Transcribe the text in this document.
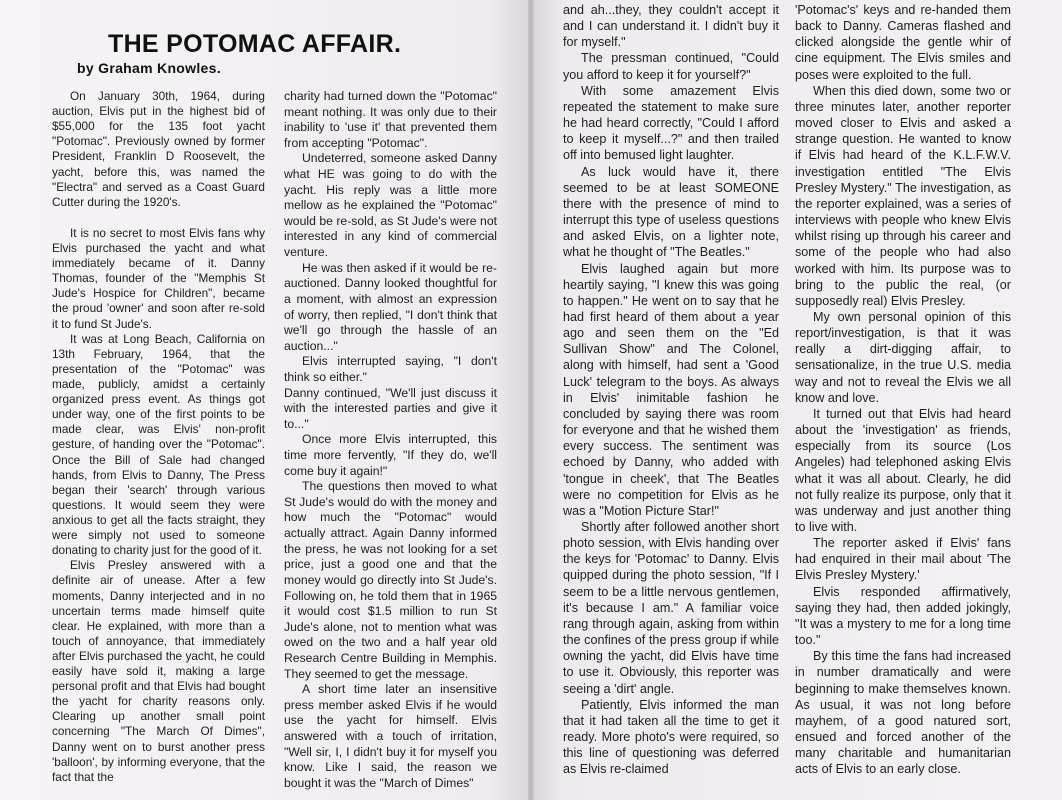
THE POTOMAC AFFAIR.
by Graham Knowles.

On January 30th, 1964, during auction, Elvis put in the highest bid of $55,000 for the 135 foot yacht "Potomac". Previously owned by former President, Franklin D Roosevelt, the yacht, before this, was named the "Electra" and served as a Coast Guard Cutter during the 1920's.

It is no secret to most Elvis fans why Elvis purchased the yacht and what immediately became of it. Danny Thomas, founder of the "Memphis St Jude's Hospice for Children", became the proud 'owner' and soon after re-sold it to fund St Jude's.

It was at Long Beach, California on 13th February, 1964, that the presentation of the "Potomac" was made, publicly, amidst a certainly organized press event. As things got under way, one of the first points to be made clear, was Elvis' non-profit gesture, of handing over the "Potomac". Once the Bill of Sale had changed hands, from Elvis to Danny, The Press began their 'search' through various questions. It would seem they were anxious to get all the facts straight, they were simply not used to someone donating to charity just for the good of it.

Elvis Presley answered with a definite air of unease. After a few moments, Danny interjected and in no uncertain terms made himself quite clear. He explained, with more than a touch of annoyance, that immediately after Elvis purchased the yacht, he could easily have sold it, making a large personal profit and that Elvis had bought the yacht for charity reasons only. Clearing up another small point concerning "The March Of Dimes", Danny went on to burst another press 'balloon', by informing everyone, that the fact that the

charity had turned down the "Potomac" meant nothing. It was only due to their inability to 'use it' that prevented them from accepting "Potomac".

Undeterred, someone asked Danny what HE was going to do with the yacht. His reply was a little more mellow as he explained the "Potomac" would be re-sold, as St Jude's were not interested in any kind of commercial venture.

He was then asked if it would be re-auctioned. Danny looked thoughtful for a moment, with almost an expression of worry, then replied, "I don't think that we'll go through the hassle of an auction..."

Elvis interrupted saying, "I don't think so either."

Danny continued, "We'll just discuss it with the interested parties and give it to..."

Once more Elvis interrupted, this time more fervently, "If they do, we'll come buy it again!"

The questions then moved to what St Jude's would do with the money and how much the "Potomac" would actually attract. Again Danny informed the press, he was not looking for a set price, just a good one and that the money would go directly into St Jude's. Following on, he told them that in 1965 it would cost $1.5 million to run St Jude's alone, not to mention what was owed on the two and a half year old Research Centre Building in Memphis. They seemed to get the message.

A short time later an insensitive press member asked Elvis if he would use the yacht for himself. Elvis answered with a touch of irritation, "Well sir, I, I didn't buy it for myself you know. Like I said, the reason we bought it was the "March of Dimes"

and ah...they, they couldn't accept it and I can understand it. I didn't buy it for myself."

The pressman continued, "Could you afford to keep it for yourself?"

With some amazement Elvis repeated the statement to make sure he had heard correctly, "Could I afford to keep it myself...?" and then trailed off into bemused light laughter.

As luck would have it, there seemed to be at least SOMEONE there with the presence of mind to interrupt this type of useless questions and asked Elvis, on a lighter note, what he thought of "The Beatles."

Elvis laughed again but more heartily saying, "I knew this was going to happen." He went on to say that he had first heard of them about a year ago and seen them on the "Ed Sullivan Show" and The Colonel, along with himself, had sent a 'Good Luck' telegram to the boys. As always in Elvis' inimitable fashion he concluded by saying there was room for everyone and that he wished them every success. The sentiment was echoed by Danny, who added with 'tongue in cheek', that The Beatles were no competition for Elvis as he was a "Motion Picture Star!"

Shortly after followed another short photo session, with Elvis handing over the keys for 'Potomac' to Danny. Elvis quipped during the photo session, "If I seem to be a little nervous gentlemen, it's because I am." A familiar voice rang through again, asking from within the confines of the press group if while owning the yacht, did Elvis have time to use it. Obviously, this reporter was seeing a 'dirt' angle.

Patiently, Elvis informed the man that it had taken all the time to get it ready. More photo's were required, so this line of questioning was deferred as Elvis re-claimed

'Potomac's' keys and re-handed them back to Danny. Cameras flashed and clicked alongside the gentle whir of cine equipment. The Elvis smiles and poses were exploited to the full.

When this died down, some two or three minutes later, another reporter moved closer to Elvis and asked a strange question. He wanted to know if Elvis had heard of the K.L.F.W.V. investigation entitled "The Elvis Presley Mystery." The investigation, as the reporter explained, was a series of interviews with people who knew Elvis whilst rising up through his career and some of the people who had also worked with him. Its purpose was to bring to the public the real, (or supposedly real) Elvis Presley.

My own personal opinion of this report/investigation, is that it was really a dirt-digging affair, to sensationalize, in the true U.S. media way and not to reveal the Elvis we all know and love.

It turned out that Elvis had heard about the 'investigation' as friends, especially from its source (Los Angeles) had telephoned asking Elvis what it was all about. Clearly, he did not fully realize its purpose, only that it was underway and just another thing to live with.

The reporter asked if Elvis' fans had enquired in their mail about 'The Elvis Presley Mystery.'

Elvis responded affirmatively, saying they had, then added jokingly, "It was a mystery to me for a long time too."

By this time the fans had increased in number dramatically and were beginning to make themselves known. As usual, it was not long before mayhem, of a good natured sort, ensued and forced another of the many charitable and humanitarian acts of Elvis to an early close.
